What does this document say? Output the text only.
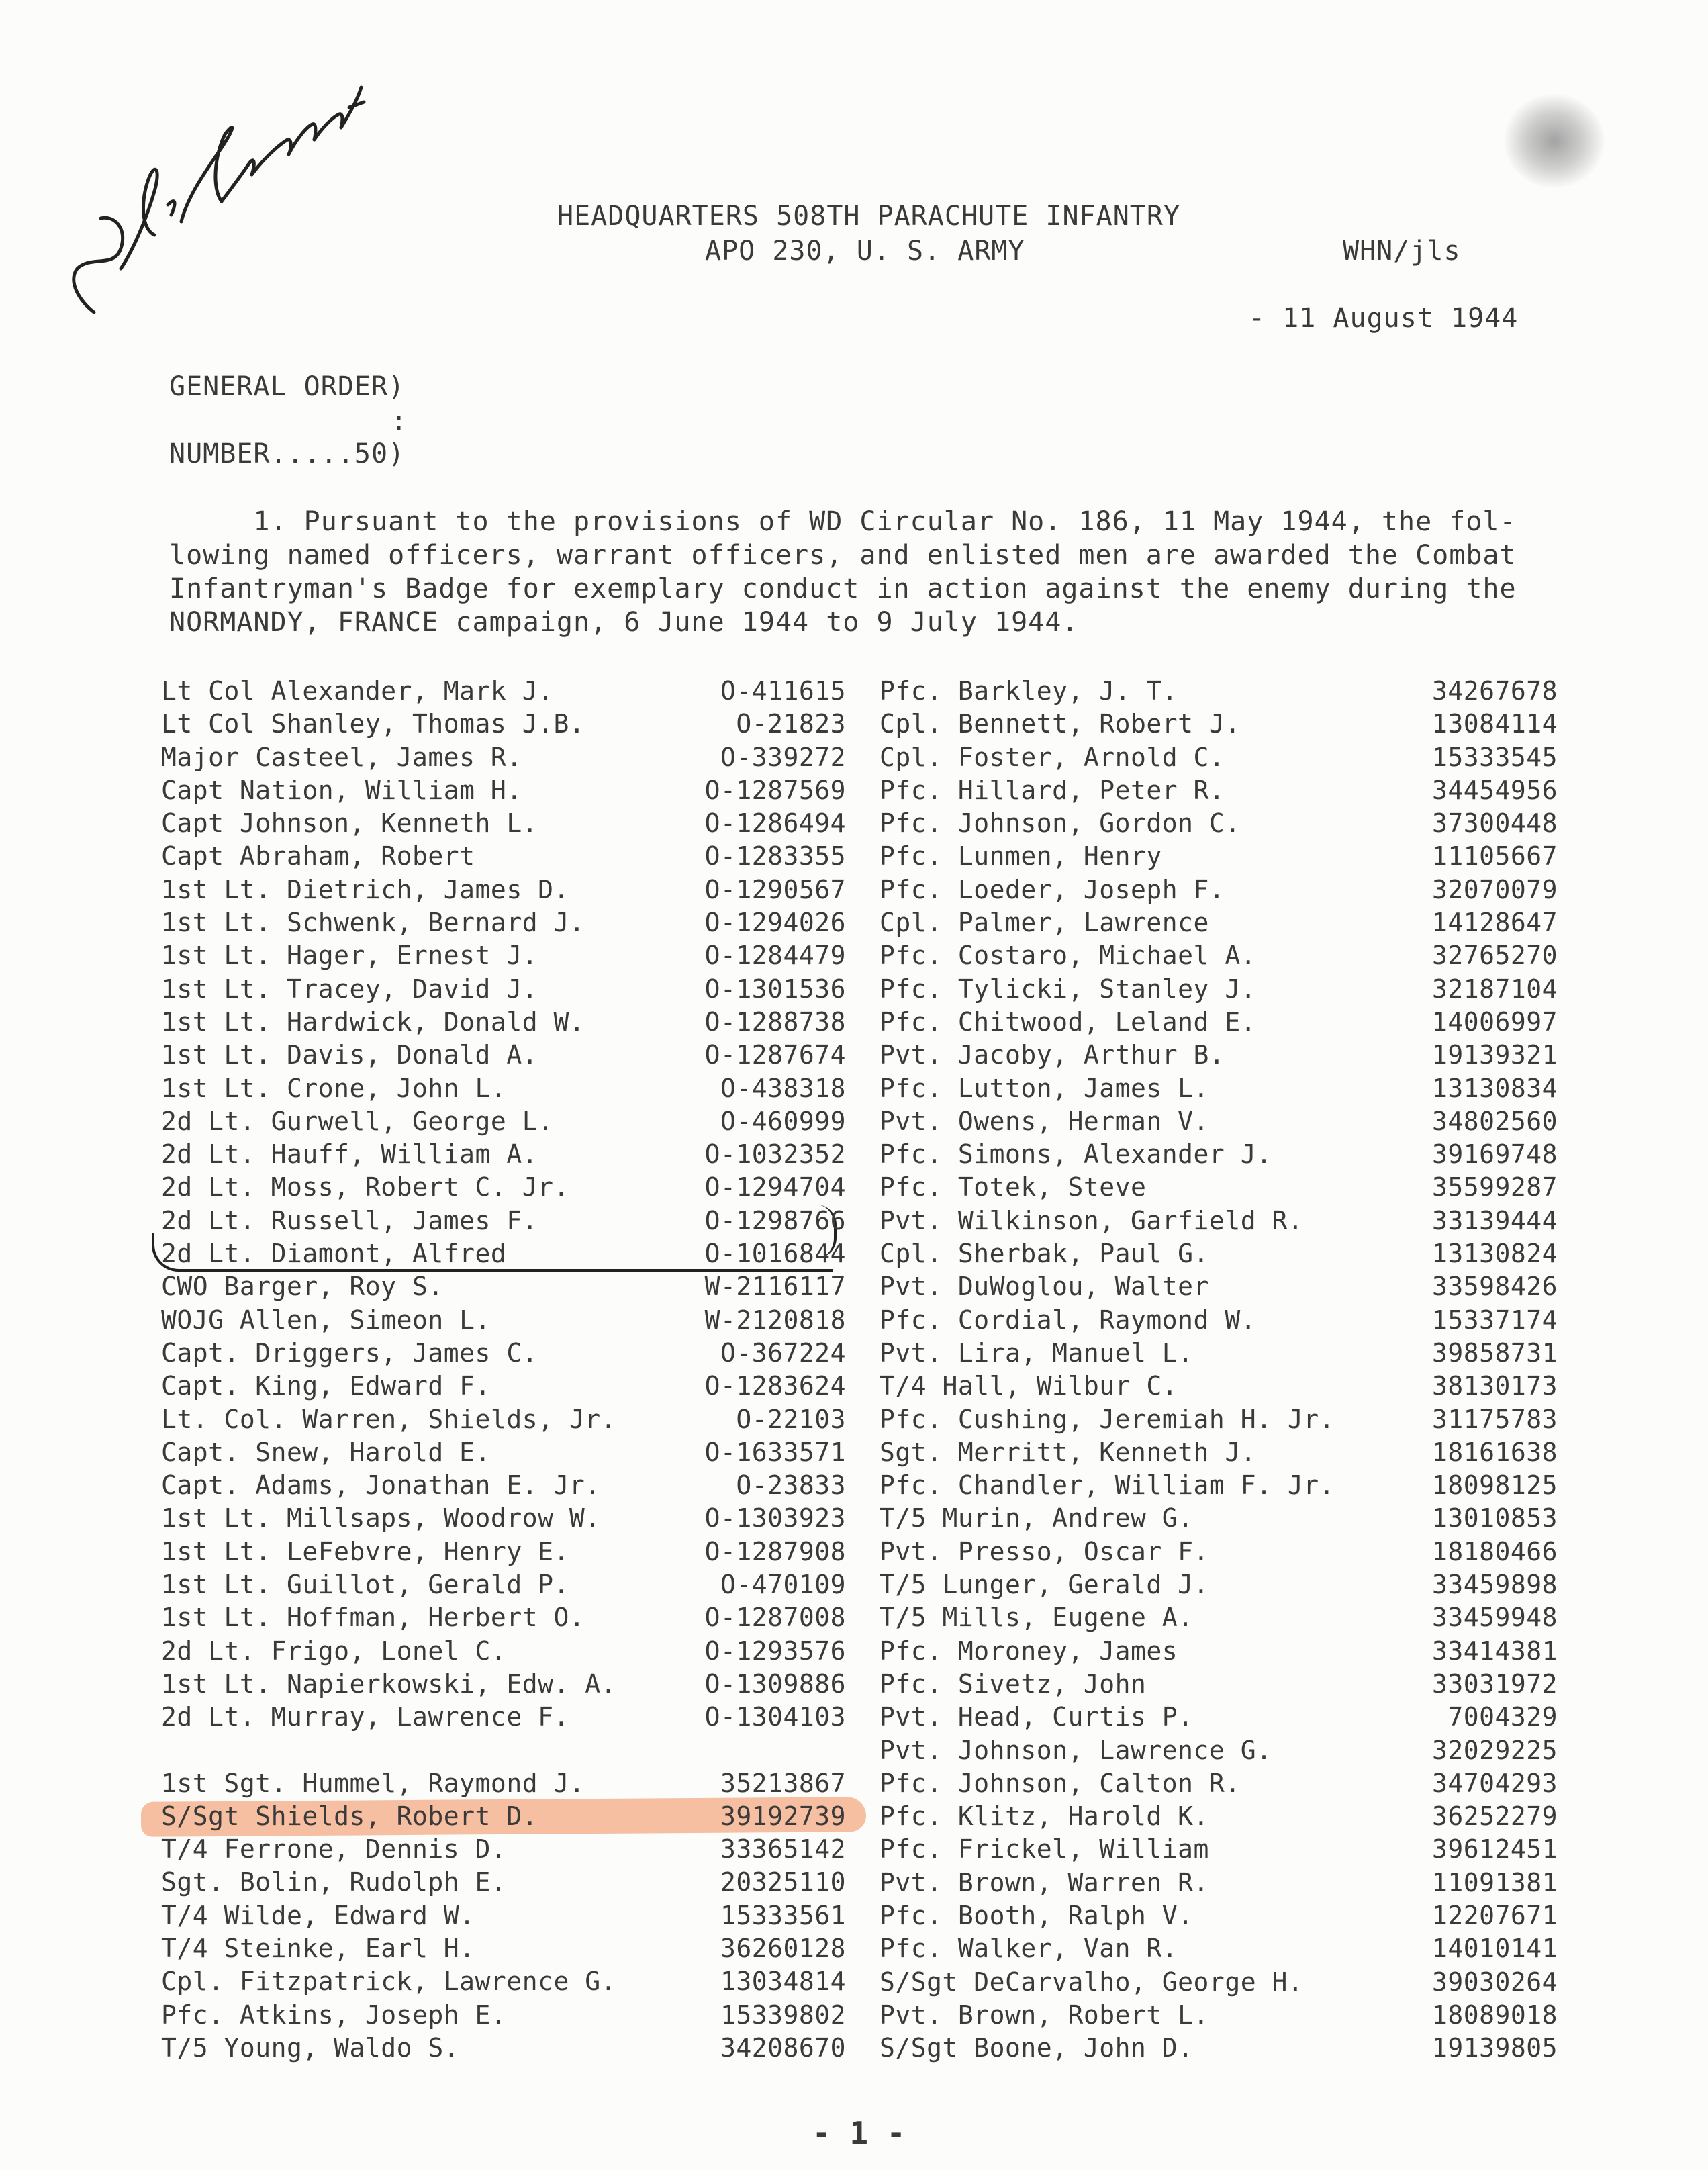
HEADQUARTERS 508TH PARACHUTE INFANTRY
APO 230, U. S. ARMY	WHN/jls
- 11 August 1944
GENERAL ORDER)
:
NUMBER.....50)

1. Pursuant to the provisions of WD Circular No. 186, 11 May 1944, the fol-

lowing named officers, warrant officers, and enlisted men are awarded the Combat

Infantryman's Badge for exemplary conduct in action against the enemy during the

NORMANDY, FRANCE campaign, 6 June 1944 to 9 July 1944.

Lt Col Alexander, Mark J.	O-411615
Lt Col Shanley, Thomas J.B.	O-21823
Major Casteel, James R.	O-339272
Capt Nation, William H.	O-1287569
Capt Johnson, Kenneth L.	O-1286494
Capt Abraham, Robert	O-1283355
1st Lt. Dietrich, James D.	O-1290567
1st Lt. Schwenk, Bernard J.	O-1294026
1st Lt. Hager, Ernest J.	O-1284479
1st Lt. Tracey, David J.	O-1301536
1st Lt. Hardwick, Donald W.	O-1288738
1st Lt. Davis, Donald A.	O-1287674
1st Lt. Crone, John L.	O-438318
2d Lt. Gurwell, George L.	O-460999
2d Lt. Hauff, William A.	O-1032352
2d Lt. Moss, Robert C. Jr.	O-1294704
2d Lt. Russell, James F.	O-1298766
2d Lt. Diamont, Alfred	O-1016844
CWO Barger, Roy S.	W-2116117
WOJG Allen, Simeon L.	W-2120818
Capt. Driggers, James C.	O-367224
Capt. King, Edward F.	O-1283624
Lt. Col. Warren, Shields, Jr.	O-22103
Capt. Snew, Harold E.	O-1633571
Capt. Adams, Jonathan E. Jr.	O-23833
1st Lt. Millsaps, Woodrow W.	O-1303923
1st Lt. LeFebvre, Henry E.	O-1287908
1st Lt. Guillot, Gerald P.	O-470109
1st Lt. Hoffman, Herbert O.	O-1287008
2d Lt. Frigo, Lonel C.	O-1293576
1st Lt. Napierkowski, Edw. A.	O-1309886
2d Lt. Murray, Lawrence F.	O-1304103
1st Sgt. Hummel, Raymond J.	35213867
S/Sgt Shields, Robert D.	39192739
T/4 Ferrone, Dennis D.	33365142
Sgt. Bolin, Rudolph E.	20325110
T/4 Wilde, Edward W.	15333561
T/4 Steinke, Earl H.	36260128
Cpl. Fitzpatrick, Lawrence G.	13034814
Pfc. Atkins, Joseph E.	15339802
T/5 Young, Waldo S.	34208670
Pfc. Barkley, J. T.	34267678
Cpl. Bennett, Robert J.	13084114
Cpl. Foster, Arnold C.	15333545
Pfc. Hillard, Peter R.	34454956
Pfc. Johnson, Gordon C.	37300448
Pfc. Lunmen, Henry	11105667
Pfc. Loeder, Joseph F.	32070079
Cpl. Palmer, Lawrence	14128647
Pfc. Costaro, Michael A.	32765270
Pfc. Tylicki, Stanley J.	32187104
Pfc. Chitwood, Leland E.	14006997
Pvt. Jacoby, Arthur B.	19139321
Pfc. Lutton, James L.	13130834
Pvt. Owens, Herman V.	34802560
Pfc. Simons, Alexander J.	39169748
Pfc. Totek, Steve	35599287
Pvt. Wilkinson, Garfield R.	33139444
Cpl. Sherbak, Paul G.	13130824
Pvt. DuWoglou, Walter	33598426
Pfc. Cordial, Raymond W.	15337174
Pvt. Lira, Manuel L.	39858731
T/4 Hall, Wilbur C.	38130173
Pfc. Cushing, Jeremiah H. Jr.	31175783
Sgt. Merritt, Kenneth J.	18161638
Pfc. Chandler, William F. Jr.	18098125
T/5 Murin, Andrew G.	13010853
Pvt. Presso, Oscar F.	18180466
T/5 Lunger, Gerald J.	33459898
T/5 Mills, Eugene A.	33459948
Pfc. Moroney, James	33414381
Pfc. Sivetz, John	33031972
Pvt. Head, Curtis P.	7004329
Pvt. Johnson, Lawrence G.	32029225
Pfc. Johnson, Calton R.	34704293
Pfc. Klitz, Harold K.	36252279
Pfc. Frickel, William	39612451
Pvt. Brown, Warren R.	11091381
Pfc. Booth, Ralph V.	12207671
Pfc. Walker, Van R.	14010141
S/Sgt DeCarvalho, George H.	39030264
Pvt. Brown, Robert L.	18089018
S/Sgt Boone, John D.	19139805
- 1 -
